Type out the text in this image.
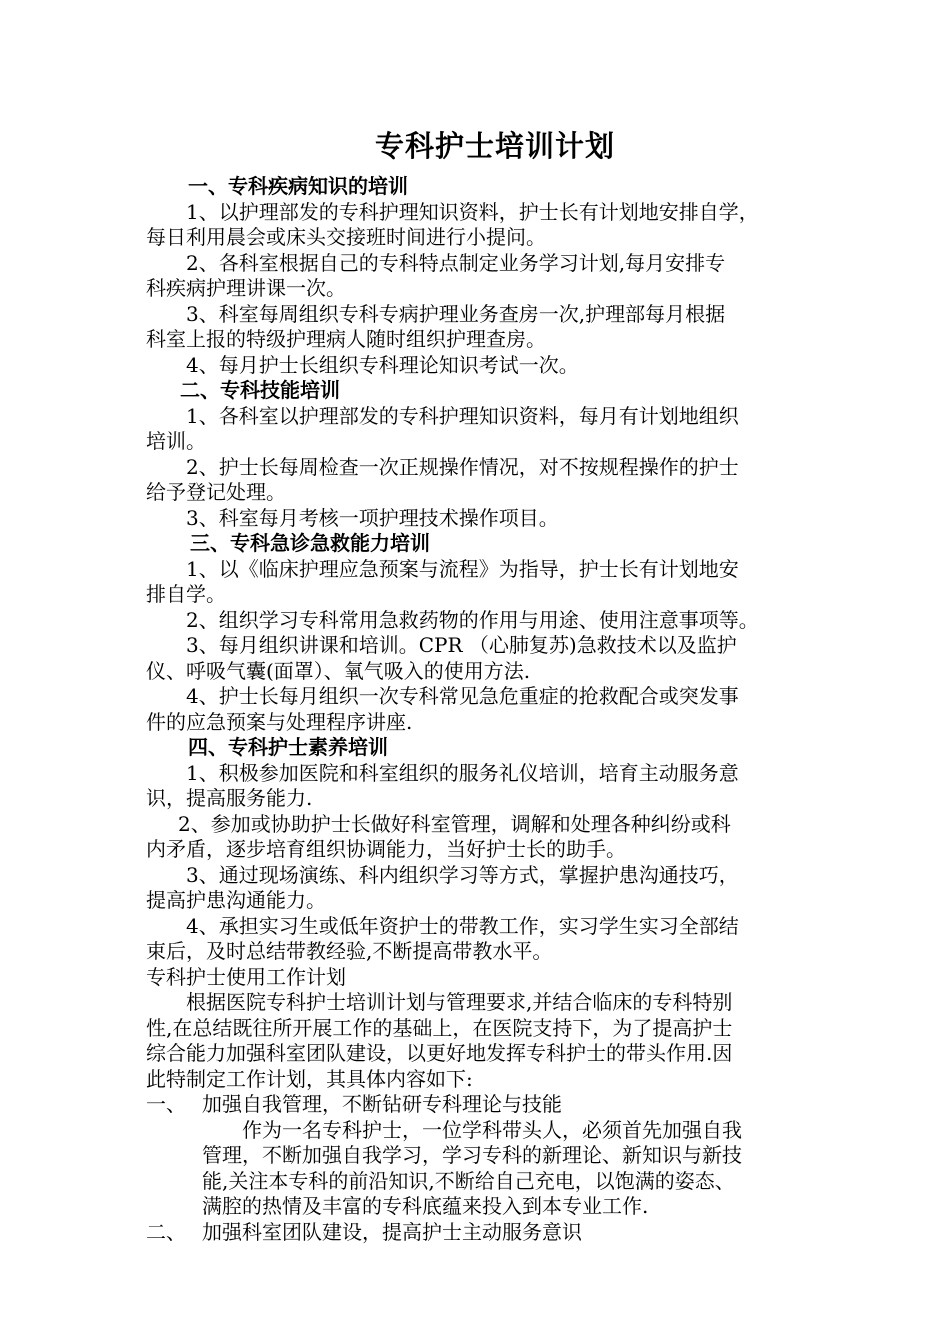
专科护士培训计划
一、专科疾病知识的培训
1、以护理部发的专科护理知识资料，护士长有计划地安排自学，
每日利用晨会或床头交接班时间进行小提问。
2、各科室根据自己的专科特点制定业务学习计划,每月安排专
科疾病护理讲课一次。
3、科室每周组织专科专病护理业务查房一次,护理部每月根据
科室上报的特级护理病人随时组织护理查房。
4、每月护士长组织专科理论知识考试一次。
二、专科技能培训
1、各科室以护理部发的专科护理知识资料，每月有计划地组织
培训。
2、护士长每周检查一次正规操作情况，对不按规程操作的护士
给予登记处理。
3、科室每月考核一项护理技术操作项目。
三、专科急诊急救能力培训
1、以《临床护理应急预案与流程》为指导，护士长有计划地安
排自学。
2、组织学习专科常用急救药物的作用与用途、使用注意事项等。
3、每月组织讲课和培训。CPR （心肺复苏)急救技术以及监护
仪、呼吸气囊(面罩）、氧气吸入的使用方法.
4、护士长每月组织一次专科常见急危重症的抢救配合或突发事
件的应急预案与处理程序讲座.
四、专科护士素养培训
1、积极参加医院和科室组织的服务礼仪培训，培育主动服务意
识，提高服务能力.
2、参加或协助护士长做好科室管理，调解和处理各种纠纷或科
内矛盾，逐步培育组织协调能力，当好护士长的助手。
3、通过现场演练、科内组织学习等方式，掌握护患沟通技巧，
提高护患沟通能力。
4、承担实习生或低年资护士的带教工作，实习学生实习全部结
束后，及时总结带教经验,不断提高带教水平。
专科护士使用工作计划
根据医院专科护士培训计划与管理要求,并结合临床的专科特别
性,在总结既往所开展工作的基础上，在医院支持下，为了提高护士
综合能力加强科室团队建设，以更好地发挥专科护士的带头作用.因
此特制定工作计划，其具体内容如下:
一、 加强自我管理，不断钻研专科理论与技能
作为一名专科护士，一位学科带头人，必须首先加强自我
管理，不断加强自我学习，学习专科的新理论、新知识与新技
能,关注本专科的前沿知识,不断给自己充电，以饱满的姿态、
满腔的热情及丰富的专科底蕴来投入到本专业工作.
二、 加强科室团队建设，提高护士主动服务意识
